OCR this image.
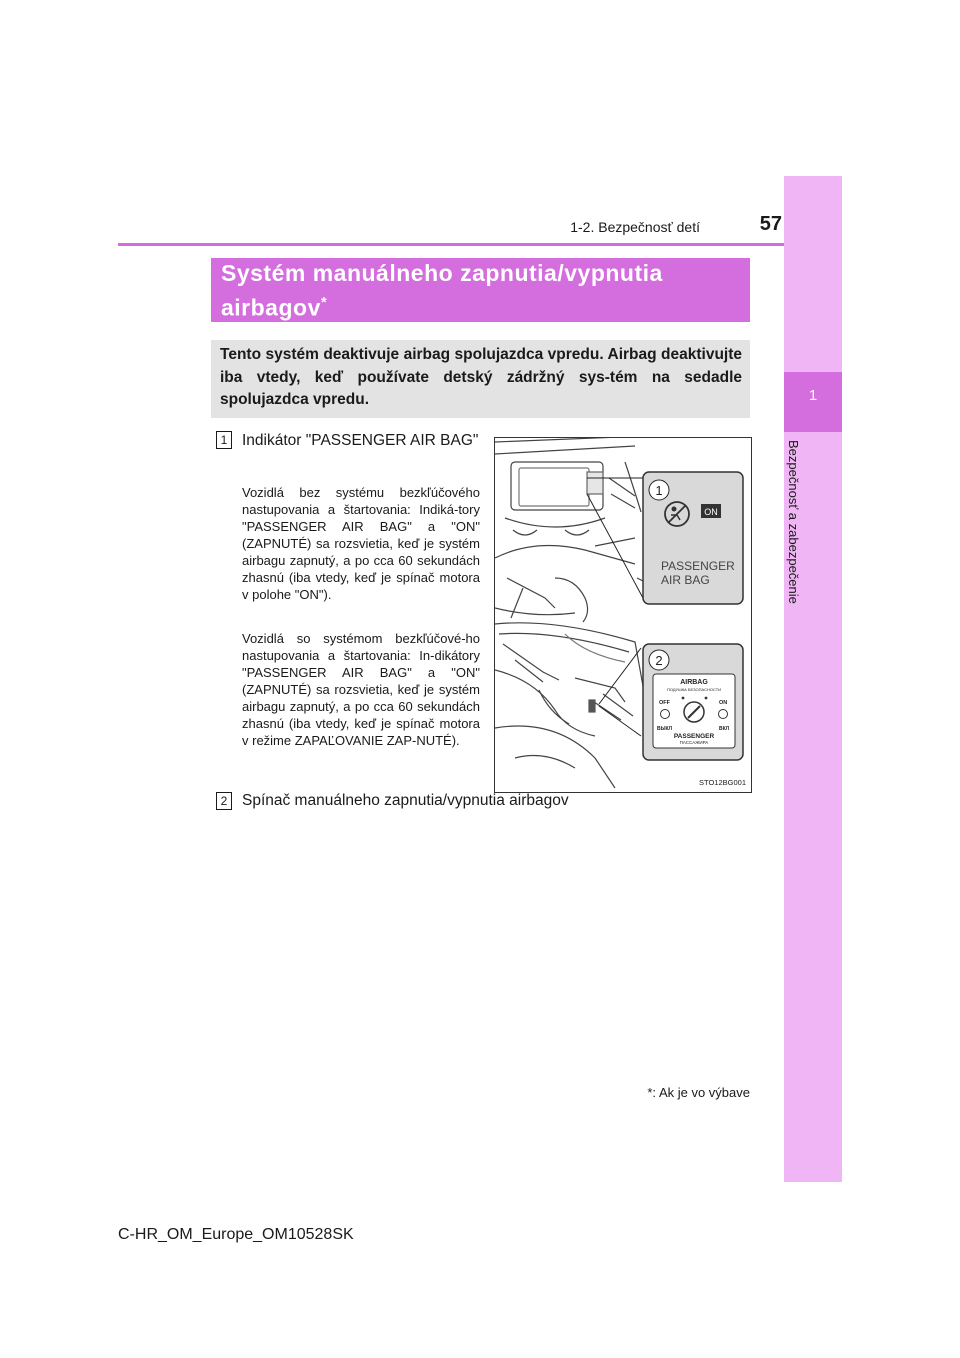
1
Bezpečnosť a zabezpečenie
1-2. Bezpečnosť detí	57
Systém manuálneho zapnutia/vypnutia
airbagov*
Tento systém deaktivuje airbag spolujazdca vpredu. Airbag deaktivujte iba vtedy, keď používate detský zádržný sys-tém na sedadle spolujazdca vpredu.
1 Indikátor "PASSENGER AIR BAG"
Vozidlá bez systému bezkľúčového nastupovania a štartovania: Indiká-tory "PASSENGER AIR BAG" a "ON" (ZAPNUTÉ) sa rozsvietia, keď je systém airbagu zapnutý, a po cca 60 sekundách zhasnú (iba vtedy, keď je spínač motora v polohe "ON").
Vozidlá so systémom bezkľúčové-ho nastupovania a štartovania: In-dikátory "PASSENGER AIR BAG" a "ON" (ZAPNUTÉ) sa rozsvietia, keď je systém airbagu zapnutý, a po cca 60 sekundách zhasnú (iba vtedy, keď je spínač motora v režime ZAPAĽOVANIE ZAP-NUTÉ).
1
2
ON
PASSENGER
AIR BAG
AIRBAG
ПОДУШКА БЕЗОПАСНОСТИ
OFF	ON
ВЫКЛ	ВКЛ
PASSENGER
ПАССАЖИРА
STO12BG001
2 Spínač manuálneho zapnutia/vypnutia airbagov
*: Ak je vo výbave
C-HR_OM_Europe_OM10528SK
